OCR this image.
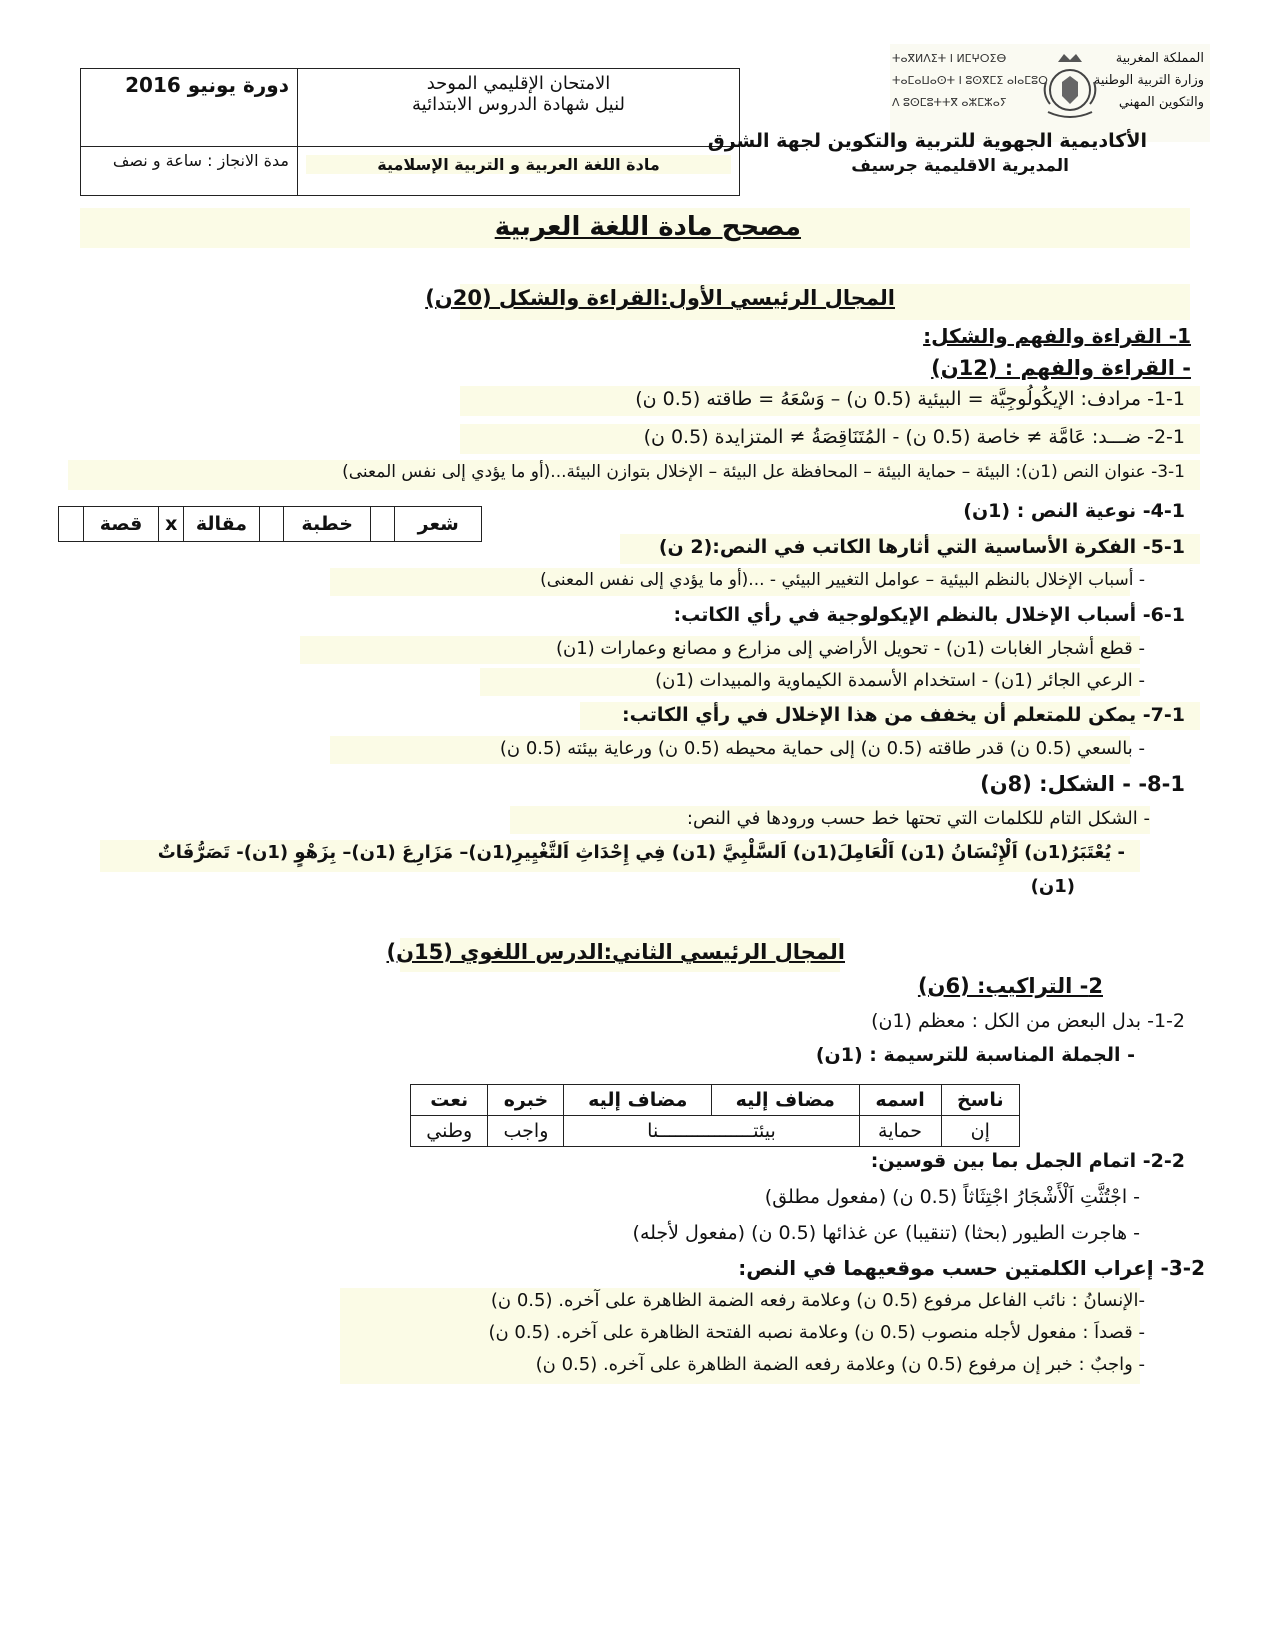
دورة يونيو 2016	الامتحان الإقليمي الموحد
لنيل شهادة الدروس الابتدائية

مدة الانجاز : ساعة و نصف	مادة اللغة العربية و التربية الإسلامية
المملكة المغربية
وزارة التربية الوطنية
والتكوين المهني
ⵜⴰⴳⵍⴷⵉⵜ ⵏ ⵍⵎⵖⵔⵉⴱ
ⵜⴰⵎⴰⵡⴰⵙⵜ ⵏ ⵓⵙⴳⵎⵉ ⴰⵏⴰⵎⵓⵔ
ⴷ ⵓⵙⵎⵓⵜⵜⴳ ⴰⵣⵎⵣⴰⵢ
الأكاديمية الجهوية للتربية والتكوين لجهة الشرق
المديرية الاقليمية جرسيف
مصحح مادة اللغة العربية
المجال الرئيسي الأول:القراءة والشكل (20ن)
1- القراءة والفهم والشكل:
- القراءة والفهم : (12ن)
1-1- مرادف: الإيكُولُوجِيَّة = البيئية (0.5 ن) – وَسْعَهُ = طاقته (0.5 ن)
2-1- ضـــد: عَامَّة ≠ خاصة (0.5 ن) - المُتَنَاقِصَةُ ≠ المتزايدة (0.5 ن)
3-1- عنوان النص (1ن): البيئة – حماية البيئة – المحافظة عل البيئة – الإخلال بتوازن البيئة...(أو ما يؤدي إلى نفس المعنى)
4-1- نوعية النص : (1ن)
شعر		خطبة		مقالة	x	قصة	
5-1- الفكرة الأساسية التي أثارها الكاتب في النص:(2 ن)
- أسباب الإخلال بالنظم البيئية – عوامل التغيير البيئي - ...(أو ما يؤدي إلى نفس المعنى)
6-1- أسباب الإخلال بالنظم الإيكولوجية في رأي الكاتب:
- قطع أشجار الغابات (1ن) - تحويل الأراضي إلى مزارع و مصانع وعمارات (1ن)
- الرعي الجائر (1ن) - استخدام الأسمدة الكيماوية والمبيدات (1ن)
7-1- يمكن للمتعلم أن يخفف من هذا الإخلال في رأي الكاتب:
- بالسعي (0.5 ن) قدر طاقته (0.5 ن) إلى حماية محيطه (0.5 ن) ورعاية بيئته (0.5 ن)
8-1- - الشكل: (8ن)
- الشكل التام للكلمات التي تحتها خط حسب ورودها في النص:
- يُعْتَبَرُ(1ن) اَلْإِنْسَانُ (1ن) اَلْعَامِلَ(1ن) اَلسَّلْبِيَّ (1ن) فِي إِحْدَاثِ اَلتَّغْيِيرِ(1ن)– مَزَارِعَ (1ن)– بِزَهْوٍ (1ن)- تَصَرُّفَاتٌ
(1ن)
المجال الرئيسي الثاني:الدرس اللغوي (15ن)
2- التراكيب: (6ن)
1-2- بدل البعض من الكل : معظم (1ن)
- الجملة المناسبة للترسيمة : (1ن)
ناسخ	اسمه	مضاف إليه	مضاف إليه	خبره	نعت
إن	حماية	بيئتـــــــــــــــــنا		واجب	وطني
2-2- اتمام الجمل بما بين قوسين:
- اجْتُثَّتِ اَلْأَشْجَارُ اجْتِثَاثاً (0.5 ن) (مفعول مطلق)
- هاجرت الطيور (بحثا) (تنقيبا) عن غذائها (0.5 ن) (مفعول لأجله)
3-2- إعراب الكلمتين حسب موقعيهما في النص:
-الإنسانُ : نائب الفاعل مرفوع (0.5 ن) وعلامة رفعه الضمة الظاهرة على آخره. (0.5 ن)
- قصداَ : مفعول لأجله منصوب (0.5 ن) وعلامة نصبه الفتحة الظاهرة على آخره. (0.5 ن)
- واجبٌ : خبر إن مرفوع (0.5 ن) وعلامة رفعه الضمة الظاهرة على آخره. (0.5 ن)
